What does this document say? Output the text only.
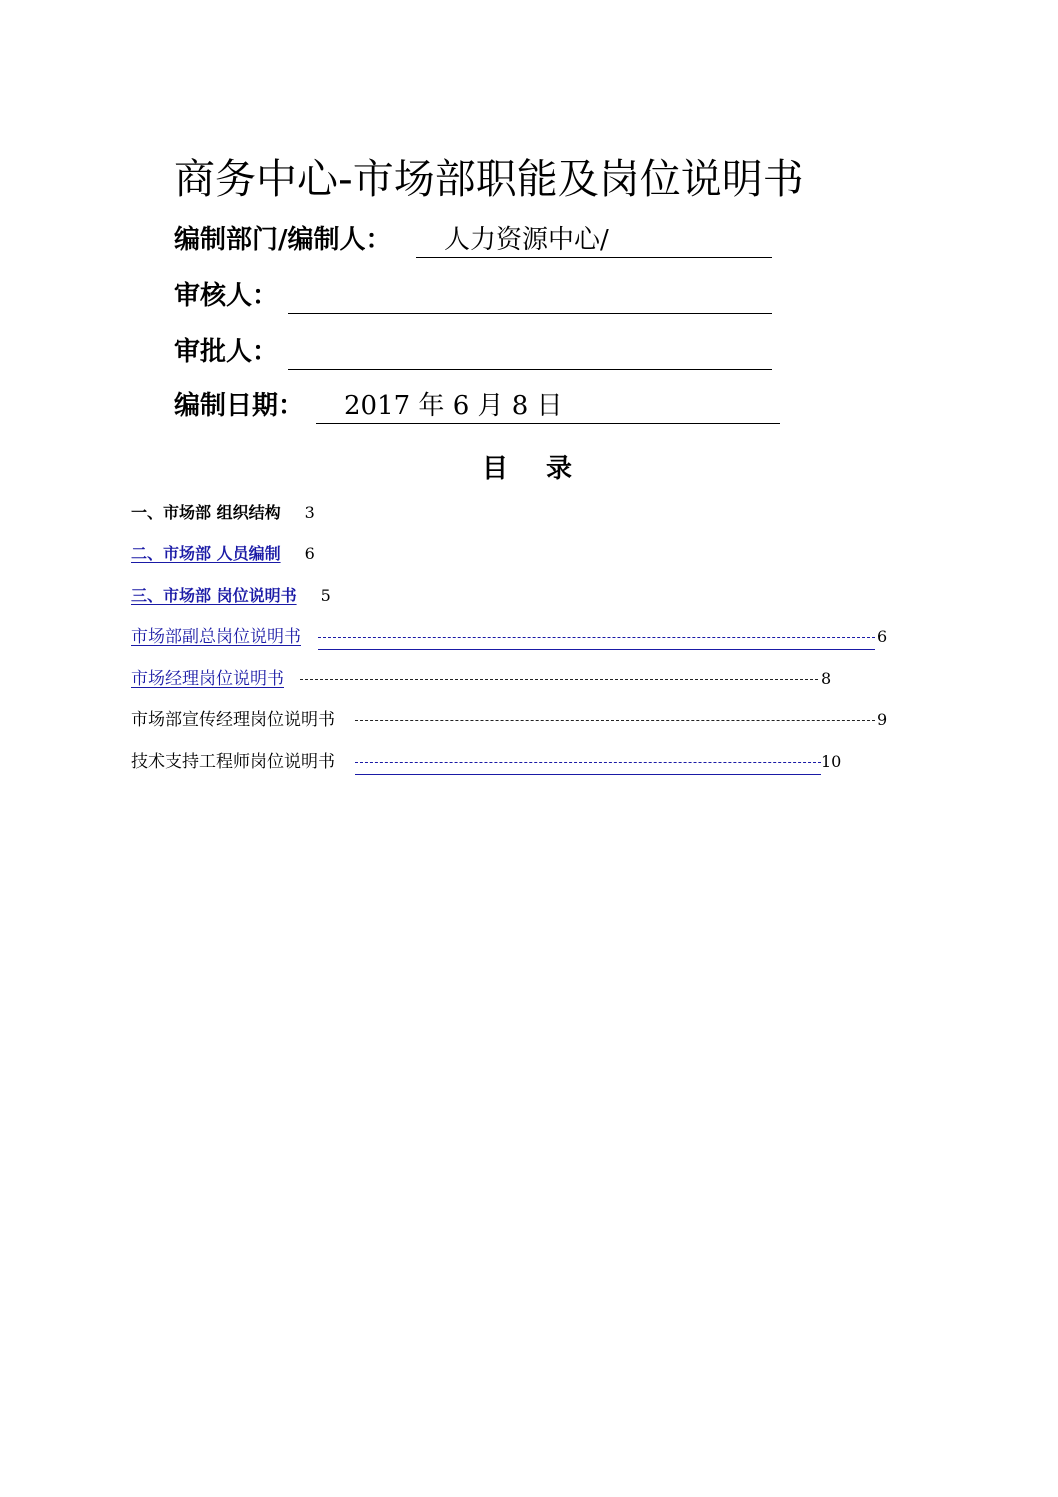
商务中心-市场部职能及岗位说明书
编制部门/编制人： 人力资源中心/
审核人：
审批人：
编制日期： 2017 年 6 月 8 日
目 录
一、市场部 组织结构 3
二、市场部 人员编制 6
三、市场部 岗位说明书 5
市场部副总岗位说明书	6
市场经理岗位说明书	8
市场部宣传经理岗位说明书	9
技术支持工程师岗位说明书	10
